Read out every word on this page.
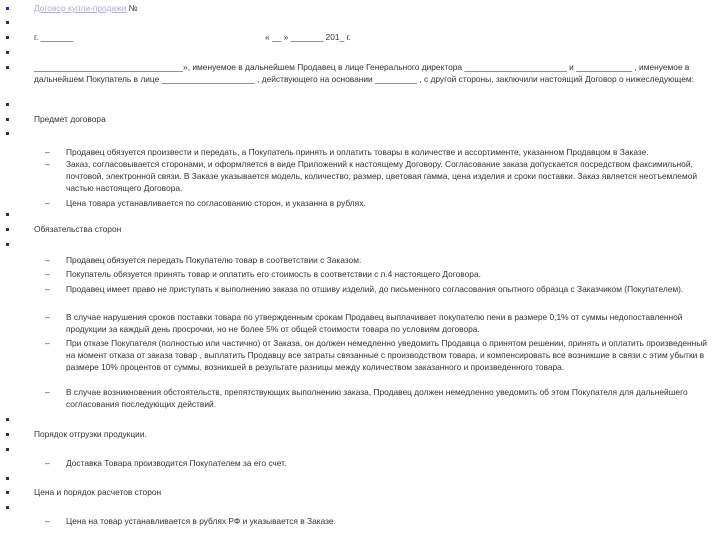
Договор купли-продажи №
г. _______	« __ » _______ 201_ г.
________________________________», именуемое в дальнейшем Продавец в лице Генерального директора ______________________ и ____________ , именуемое в дальнейшем Покупатель в лице ____________________ , действующего на основании _________ , с другой стороны, заключили настоящий Договор о нижеследующем:
Предмет договора
– Продавец обязуется произвести и передать, а Покупатель принять и оплатить товары в количестве и ассортименте, указанном Продавцом в Заказе.
– Заказ, согласовывается сторонами, и оформляется в виде Приложений к настоящему Договору. Согласование заказа допускается посредством факсимильной, почтовой, электронной связи. В Заказе указывается модель, количество, размер, цветовая гамма, цена изделия и сроки поставки. Заказ является неотъемлемой частью настоящего Договора.
– Цена товара устанавливается по согласованию сторон, и указанна в рублях.
Обязательства сторон
– Продавец обязуется передать Покупателю товар в соответствии с Заказом.
– Покупатель обязуется принять товар и оплатить его стоимость в соответствии с п.4 настоящего Договора.
– Продавец имеет право не приступать к выполнению заказа по отшиву изделий, до письменного согласования опытного образца с Заказчиком (Покупателем).
– В случае нарушения сроков поставки товара по утвержденным срокам Продавец выплачивает покупателю пени в размере 0,1% от суммы недопоставленной продукции за каждый день просрочки, но не более 5% от общей стоимости товара по условиям договора.
– При отказе Покупателя (полностью или частично) от Заказа, он должен немедленно уведомить Продавца о принятом решении, принять и оплатить произведенный на момент отказа от заказа товар , выплатить Продавцу все затраты связанные с производством товара, и компенсировать все возникшие в связи с этим убытки в размере 10% процентов от суммы, возникшей в результате разницы между количеством заказанного и произведенного товара.
– В случае возникновения обстоятельств, препятствующих выполнению заказа, Продавец должен немедленно уведомить об этом Покупателя для дальнейшего согласования последующих действий.
Порядок отгрузки продукции.
– Доставка Товара производится Покупателем за его счет.
Цена и порядок расчетов сторон
– Цена на товар устанавливается в рублях РФ и указывается в Заказе.
